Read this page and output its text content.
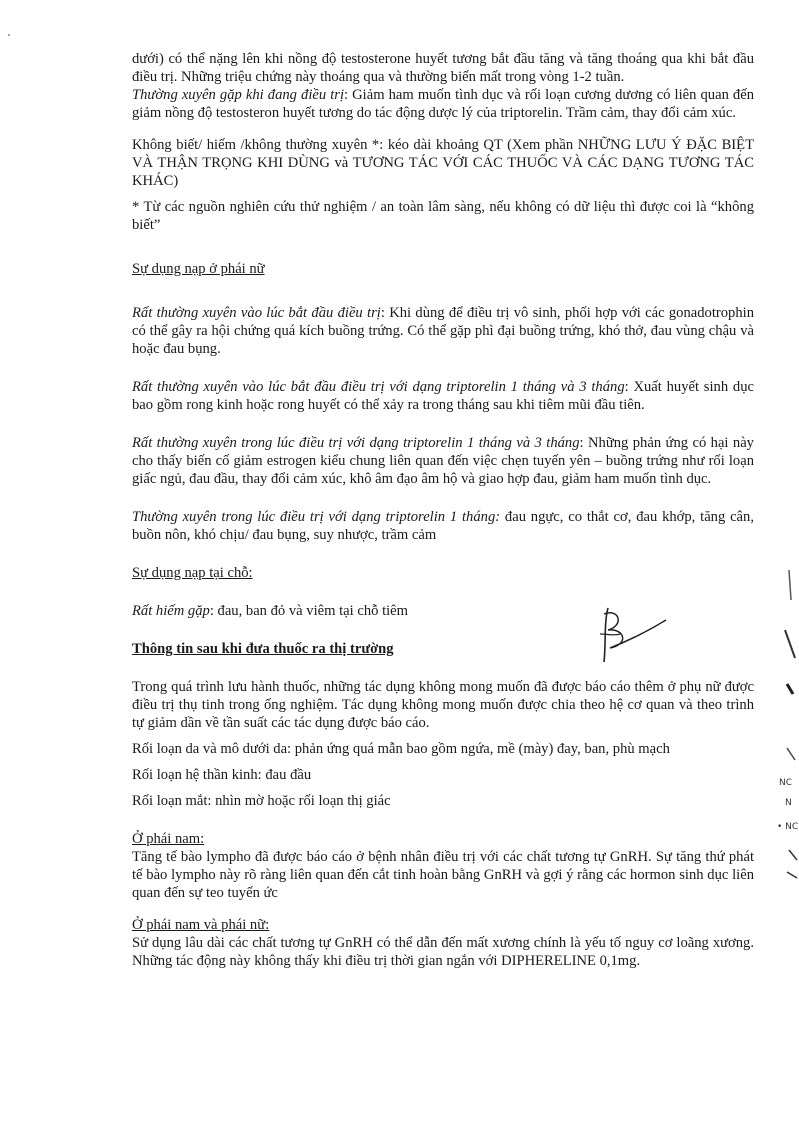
dưới) có thể nặng lên khi nồng độ testosterone huyết tương bắt đầu tăng và tăng thoáng qua khi bắt đầu điều trị. Những triệu chứng này thoáng qua và thường biến mất trong vòng 1-2 tuần.

Thường xuyên gặp khi đang điều trị: Giảm ham muốn tình dục và rối loạn cương dương có liên quan đến giảm nồng độ testosteron huyết tương do tác động dược lý của triptorelin. Trầm cảm, thay đổi cảm xúc.

Không biết/ hiếm /không thường xuyên *: kéo dài khoảng QT (Xem phần NHỮNG LƯU Ý ĐẶC BIỆT VÀ THẬN TRỌNG KHI DÙNG và TƯƠNG TÁC VỚI CÁC THUỐC VÀ CÁC DẠNG TƯƠNG TÁC KHÁC)

* Từ các nguồn nghiên cứu thử nghiệm / an toàn lâm sàng, nếu không có dữ liệu thì được coi là “không biết”

Sự dụng nạp ở phái nữ

Rất thường xuyên vào lúc bắt đầu điều trị: Khi dùng để điều trị vô sinh, phối hợp với các gonadotrophin có thể gây ra hội chứng quá kích buồng trứng. Có thể gặp phì đại buồng trứng, khó thở, đau vùng chậu và hoặc đau bụng.

Rất thường xuyên vào lúc bắt đầu điều trị với dạng triptorelin 1 tháng và 3 tháng: Xuất huyết sinh dục bao gồm rong kinh hoặc rong huyết có thể xảy ra trong tháng sau khi tiêm mũi đầu tiên.

Rất thường xuyên trong lúc điều trị với dạng triptorelin 1 tháng và 3 tháng: Những phản ứng có hại này cho thấy biến cố giảm estrogen kiểu chung liên quan đến việc chẹn tuyến yên – buồng trứng như rối loạn giấc ngủ, đau đầu, thay đổi cảm xúc, khô âm đạo âm hộ và giao hợp đau, giảm ham muốn tình dục.

Thường xuyên trong lúc điều trị với dạng triptorelin 1 tháng: đau ngực, co thắt cơ, đau khớp, tăng cân, buồn nôn, khó chịu/ đau bụng, suy nhược, trầm cảm

Sự dụng nạp tại chỗ:

Rất hiếm gặp: đau, ban đỏ và viêm tại chỗ tiêm

Thông tin sau khi đưa thuốc ra thị trường

Trong quá trình lưu hành thuốc, những tác dụng không mong muốn đã được báo cáo thêm ở phụ nữ được điều trị thụ tinh trong ống nghiệm. Tác dụng không mong muốn được chia theo hệ cơ quan và theo trình tự giảm dần về tần suất các tác dụng được báo cáo.

Rối loạn da và mô dưới da: phản ứng quá mẫn bao gồm ngứa, mề (mày) đay, ban, phù mạch

Rối loạn hệ thần kinh: đau đầu

Rối loạn mắt: nhìn mờ hoặc rối loạn thị giác

Ở phái nam:

Tăng tế bào lympho đã được báo cáo ở bệnh nhân điều trị với các chất tương tự GnRH. Sự tăng thứ phát tế bào lympho này rõ ràng liên quan đến cắt tinh hoàn bằng GnRH và gợi ý rằng các hormon sinh dục liên quan đến sự teo tuyến ức

Ở phái nam và phái nữ:

Sử dụng lâu dài các chất tương tự GnRH có thể dẫn đến mất xương chính là yếu tố nguy cơ loãng xương. Những tác động này không thấy khi điều trị thời gian ngắn với DIPHERELINE 0,1mg.

NC
N
• NC
